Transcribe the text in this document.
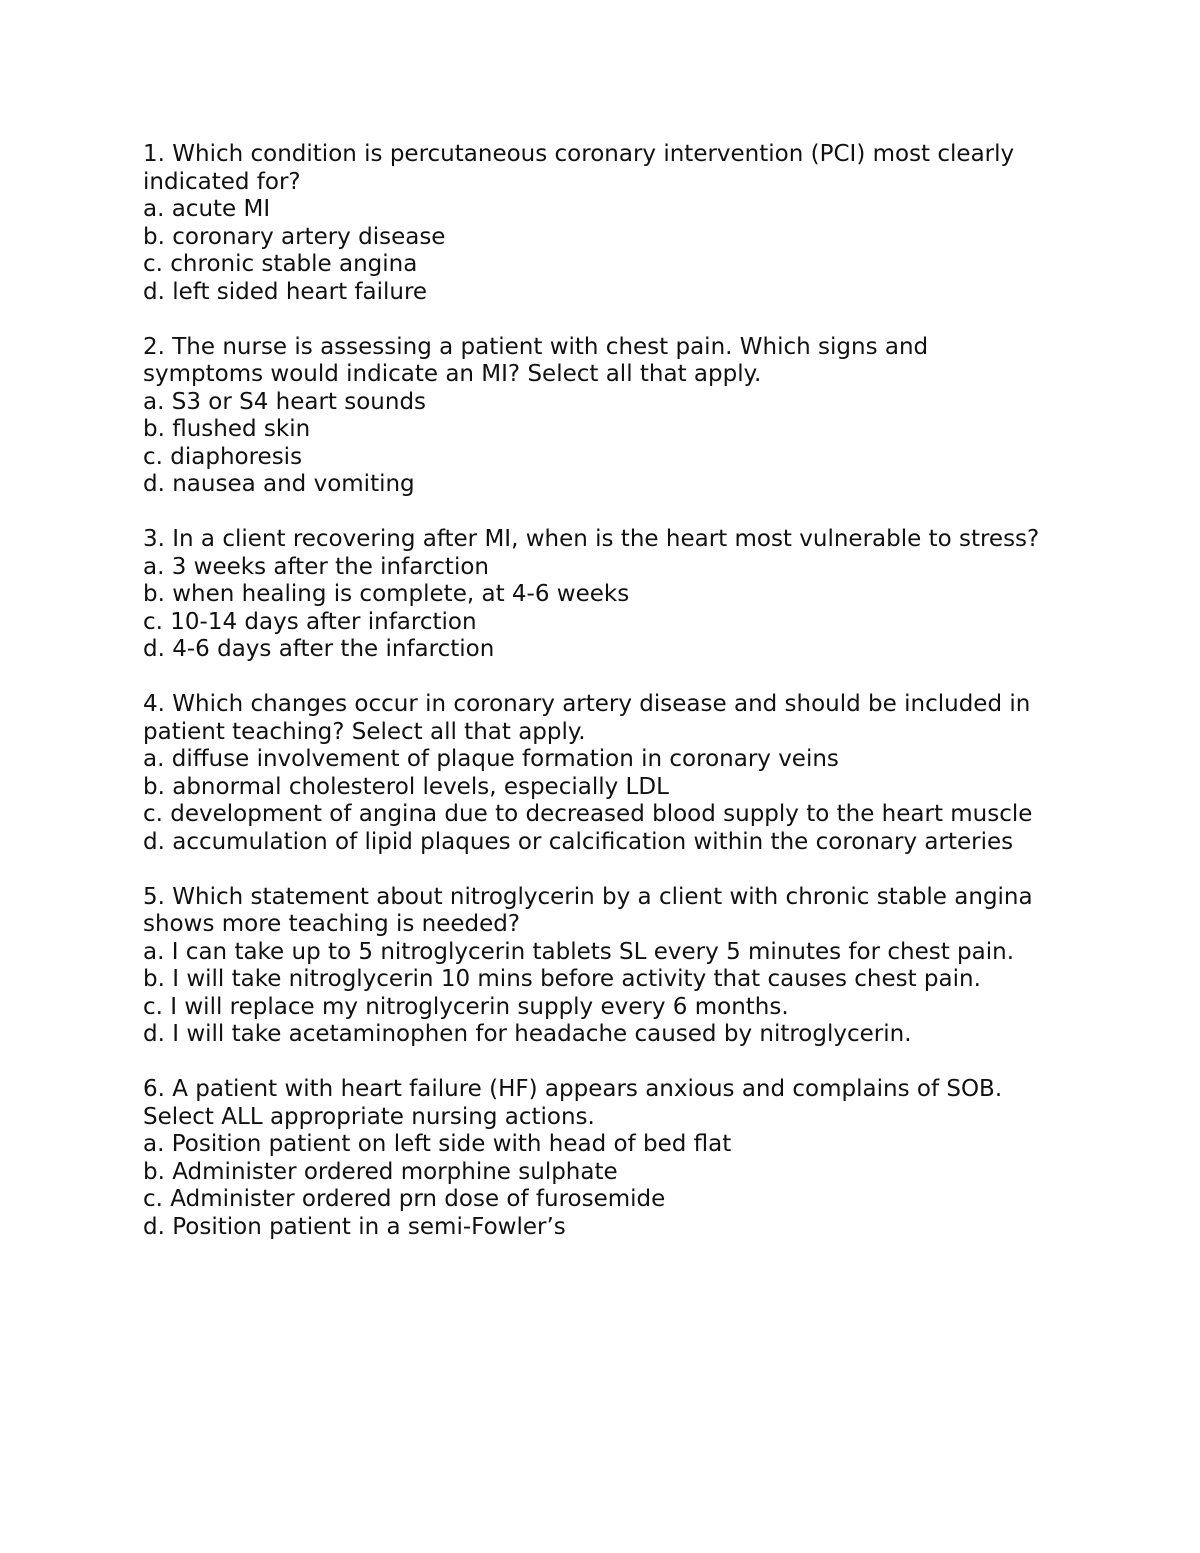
1. Which condition is percutaneous coronary intervention (PCI) most clearly indicated for?
a. acute MI
b. coronary artery disease
c. chronic stable angina
d. left sided heart failure
2. The nurse is assessing a patient with chest pain. Which signs and symptoms would indicate an MI? Select all that apply.
a. S3 or S4 heart sounds
b. flushed skin
c. diaphoresis
d. nausea and vomiting
3. In a client recovering after MI, when is the heart most vulnerable to stress?
a. 3 weeks after the infarction
b. when healing is complete, at 4-6 weeks
c. 10-14 days after infarction
d. 4-6 days after the infarction
4. Which changes occur in coronary artery disease and should be included in patient teaching? Select all that apply.
a. diffuse involvement of plaque formation in coronary veins
b. abnormal cholesterol levels, especially LDL
c. development of angina due to decreased blood supply to the heart muscle
d. accumulation of lipid plaques or calcification within the coronary arteries
5. Which statement about nitroglycerin by a client with chronic stable angina shows more teaching is needed?
a. I can take up to 5 nitroglycerin tablets SL every 5 minutes for chest pain.
b. I will take nitroglycerin 10 mins before activity that causes chest pain.
c. I will replace my nitroglycerin supply every 6 months.
d. I will take acetaminophen for headache caused by nitroglycerin.
6. A patient with heart failure (HF) appears anxious and complains of SOB. Select ALL appropriate nursing actions.
a. Position patient on left side with head of bed flat
b. Administer ordered morphine sulphate
c. Administer ordered prn dose of furosemide
d. Position patient in a semi-Fowler’s
